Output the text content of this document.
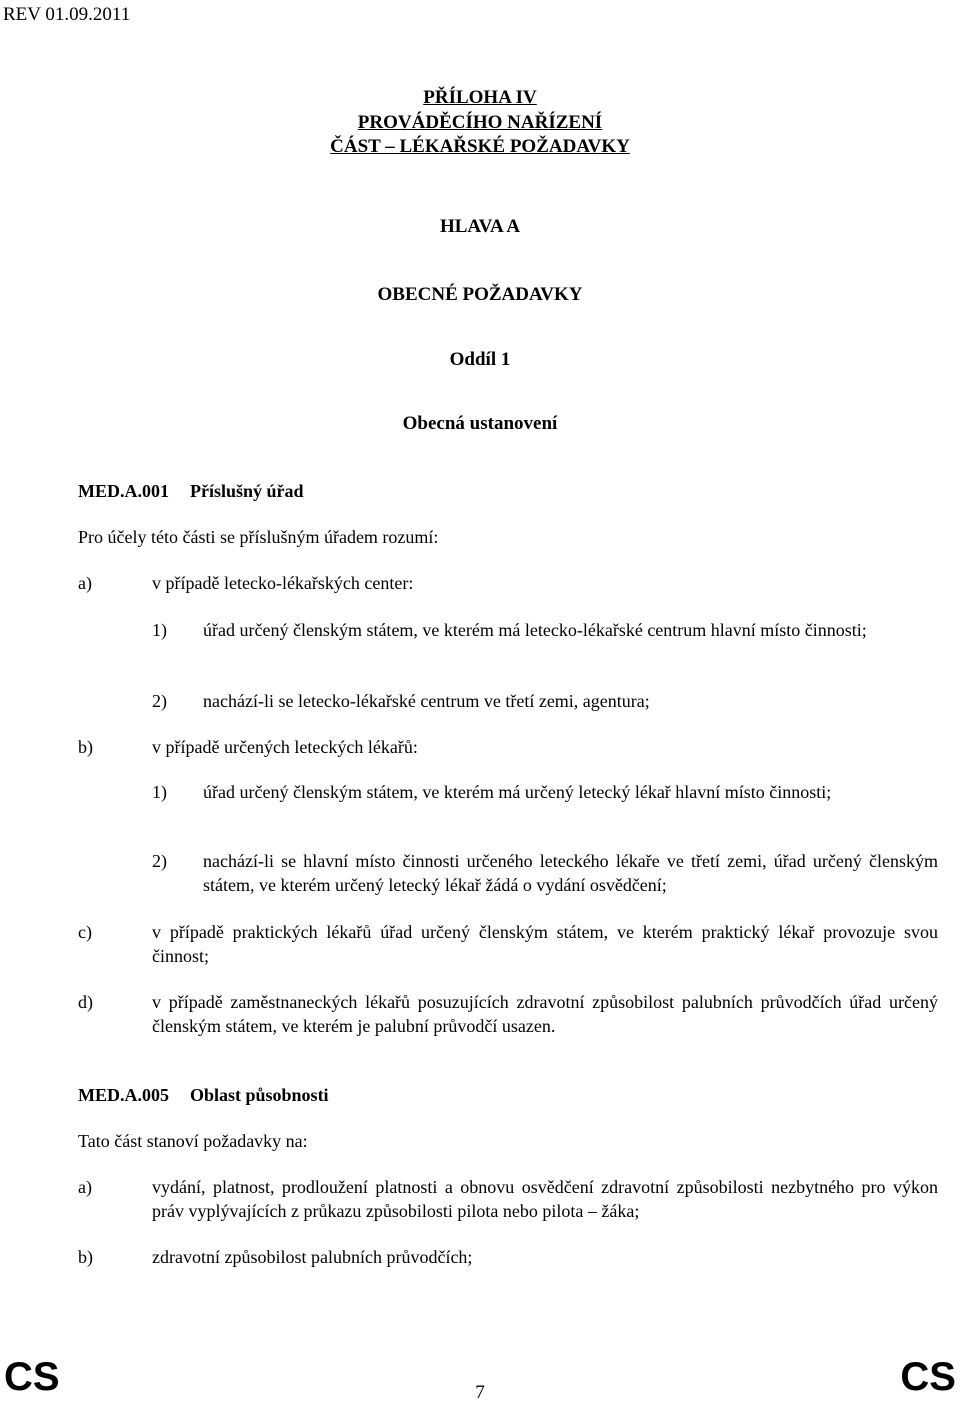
REV 01.09.2011
PŘÍLOHA IV
PROVÁDĚCÍHO NAŘÍZENÍ
ČÁST – LÉKAŘSKÉ POŽADAVKY
HLAVA A
OBECNÉ POŽADAVKY
Oddíl 1
Obecná ustanovení
MED.A.001 Příslušný úřad
Pro účely této části se příslušným úřadem rozumí:
a)	v případě letecko-lékařských center:
1) úřad určený členským státem, ve kterém má letecko-lékařské centrum hlavní místo činnosti;
2) nachází-li se letecko-lékařské centrum ve třetí zemi, agentura;
b)	v případě určených leteckých lékařů:
1) úřad určený členským státem, ve kterém má určený letecký lékař hlavní místo činnosti;
2) nachází-li se hlavní místo činnosti určeného leteckého lékaře ve třetí zemi, úřad určený členským státem, ve kterém určený letecký lékař žádá o vydání osvědčení;
c)	v případě praktických lékařů úřad určený členským státem, ve kterém praktický lékař provozuje svou činnost;
d)	v případě zaměstnaneckých lékařů posuzujících zdravotní způsobilost palubních průvodčích úřad určený členským státem, ve kterém je palubní průvodčí usazen.
MED.A.005 Oblast působnosti
Tato část stanoví požadavky na:
a)	vydání, platnost, prodloužení platnosti a obnovu osvědčení zdravotní způsobilosti nezbytného pro výkon práv vyplývajících z průkazu způsobilosti pilota nebo pilota – žáka;
b)	zdravotní způsobilost palubních průvodčích;
CS	7	CS
